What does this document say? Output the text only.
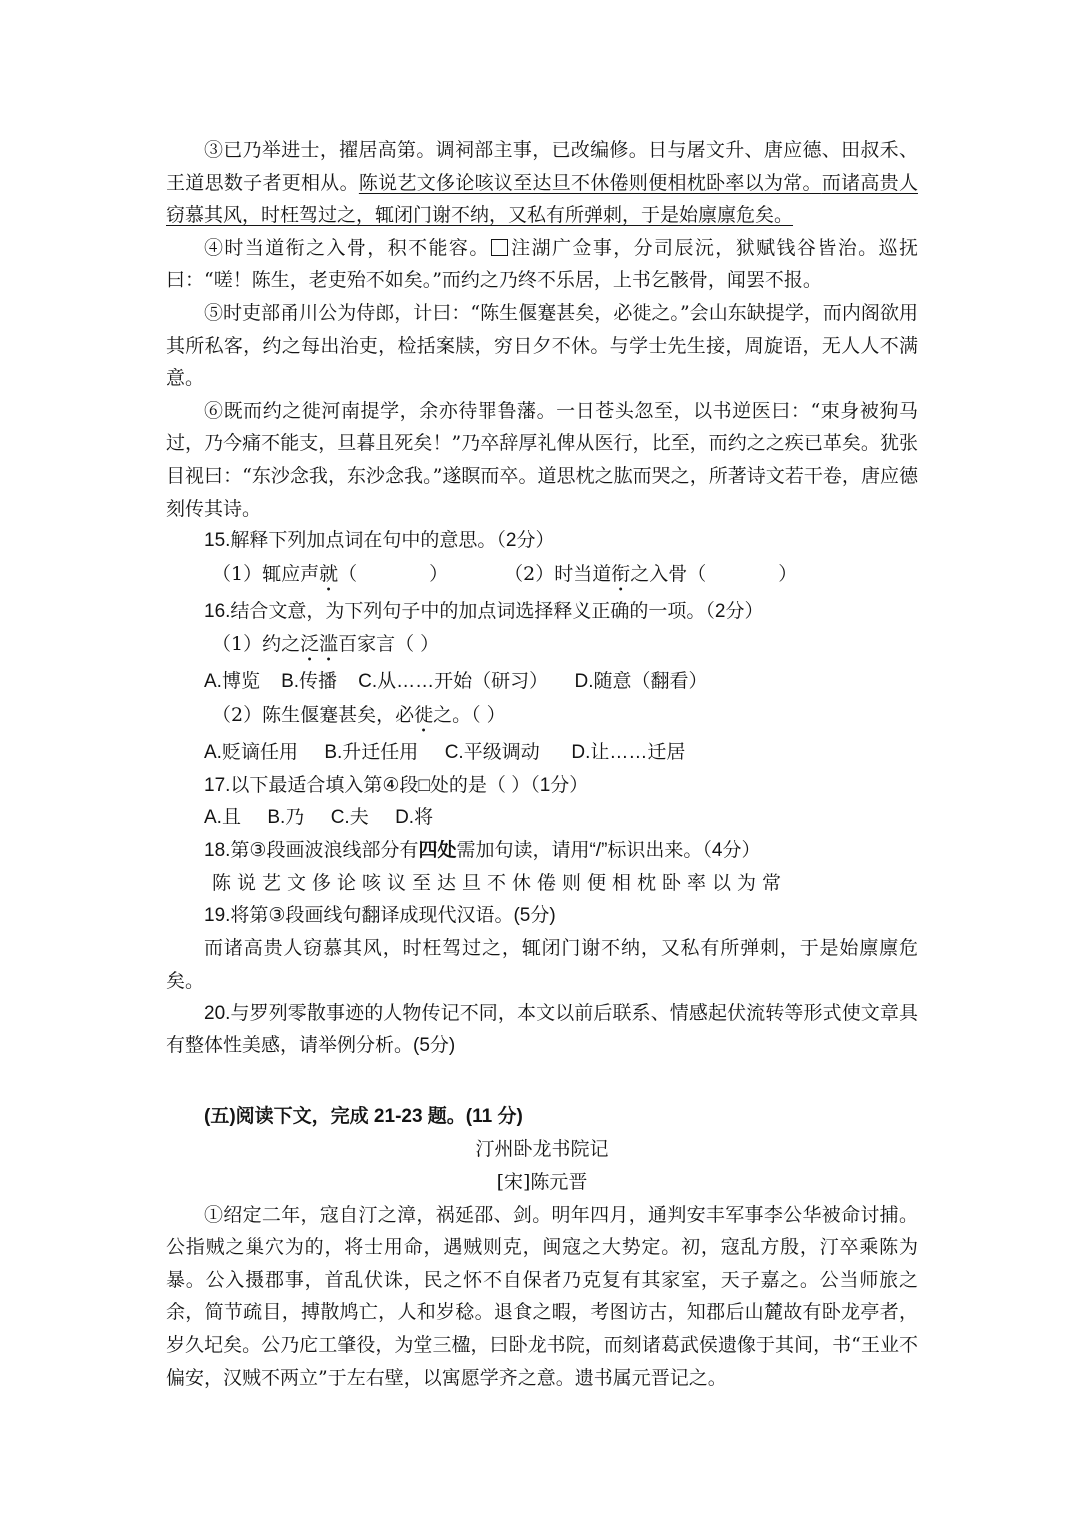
③已乃举进士，擢居高第。调祠部主事，已改编修。日与屠文升、唐应德、田叔禾、王道思数子者更相从。陈说艺文侈论咳议至达旦不休倦则便相枕卧率以为常。而诸高贵人窃慕其风，时枉驾过之，辄闭门谢不纳，又私有所弹刺，于是始廪廪危矣。

④时当道衔之入骨，积不能容。 注湖广佥事，分司辰沅，狱赋钱谷皆治。巡抚曰：“嗟！陈生，老吏殆不如矣。”而约之乃终不乐居，上书乞骸骨，闻罢不报。

⑤时吏部甬川公为侍郎，计曰：“陈生偃蹇甚矣，必徙之。”会山东缺提学，而内阁欲用其所私客，约之每出治吏，检括案牍，穷日夕不休。与学士先生接，周旋语，无人人不满意。

⑥既而约之徙河南提学，余亦待罪鲁藩。一日苍头忽至，以书逆医曰：“束身被狗马过，乃今痛不能支，旦暮且死矣！”乃卒辞厚礼俾从医行，比至，而约之之疾已革矣。犹张目视曰：“东沙念我，东沙念我。”遂瞑而卒。道思枕之肱而哭之，所著诗文若干卷，唐应德刻传其诗。

15.解释下列加点词在句中的意思。（2分）

（1）辄应声就（	）	（2）时当道衔之入骨（	）

16.结合文意，为下列句子中的加点词选择释义正确的一项。（2分）

（1）约之泛滥百家言（ ）

A.博览    B.传播    C.从……开始（研习）     D.随意（翻看）

（2）陈生偃蹇甚矣，必徙之。（ ）

A.贬谪任用     B.升迁任用     C.平级调动      D.让……迁居

17.以下最适合填入第④段□处的是（ ）（1分）

A.且     B.乃     C.夫     D.将

18.第③段画波浪线部分有四处需加句读，请用“/”标识出来。（4分）

陈说艺文侈论咳议至达旦不休倦则便相枕卧率以为常

19.将第③段画线句翻译成现代汉语。(5分)

而诸高贵人窃慕其风，时枉驾过之，辄闭门谢不纳，又私有所弹刺，于是始廪廪危矣。

20.与罗列零散事迹的人物传记不同，本文以前后联系、情感起伏流转等形式使文章具有整体性美感，请举例分析。(5分)

(五)阅读下文，完成 21-23 题。(11 分)

汀州卧龙书院记

[宋]陈元晋

①绍定二年，寇自汀之漳，祸延邵、剑。明年四月，通判安丰军事李公华被命讨捕。公指贼之巢穴为的，将士用命，遇贼则克，闽寇之大势定。初，寇乱方殷，汀卒乘陈为暴。公入摄郡事，首乱伏诛，民之怀不自保者乃克复有其家室，天子嘉之。公当师旅之余，简节疏目，搏散鸠亡，人和岁稔。退食之暇，考图访古，知郡后山麓故有卧龙亭者，岁久圮矣。公乃庀工肇役，为堂三楹，曰卧龙书院，而刻诸葛武侯遗像于其间，书“王业不偏安，汉贼不两立”于左右壁，以寓愿学齐之意。遗书属元晋记之。
